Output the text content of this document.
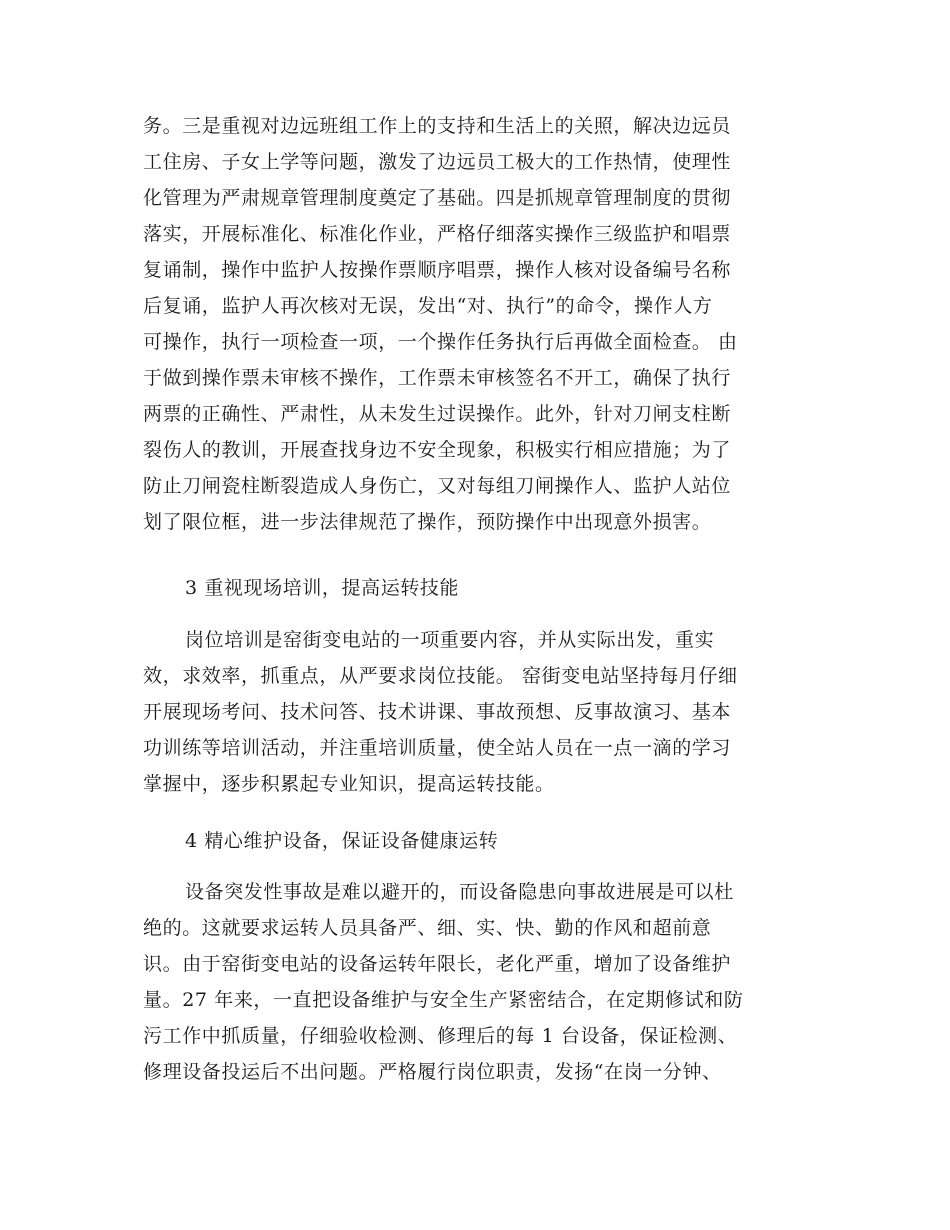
务。三是重视对边远班组工作上的支持和生活上的关照，解决边远员
工住房、子女上学等问题，激发了边远员工极大的工作热情，使理性
化管理为严肃规章管理制度奠定了基础。四是抓规章管理制度的贯彻
落实，开展标准化、标准化作业，严格仔细落实操作三级监护和唱票
复诵制，操作中监护人按操作票顺序唱票，操作人核对设备编号名称
后复诵，监护人再次核对无误，发出“对、执行”的命令，操作人方
可操作，执行一项检查一项，一个操作任务执行后再做全面检查。 由
于做到操作票未审核不操作，工作票未审核签名不开工，确保了执行
两票的正确性、严肃性，从未发生过误操作。此外，针对刀闸支柱断
裂伤人的教训，开展查找身边不安全现象，积极实行相应措施；为了
防止刀闸瓷柱断裂造成人身伤亡，又对每组刀闸操作人、监护人站位
划了限位框，进一步法律规范了操作，预防操作中出现意外损害。
3 重视现场培训，提高运转技能
岗位培训是窑街变电站的一项重要内容，并从实际出发，重实
效，求效率，抓重点，从严要求岗位技能。 窑街变电站坚持每月仔细
开展现场考问、技术问答、技术讲课、事故预想、反事故演习、基本
功训练等培训活动，并注重培训质量，使全站人员在一点一滴的学习
掌握中，逐步积累起专业知识，提高运转技能。
4 精心维护设备，保证设备健康运转
设备突发性事故是难以避开的，而设备隐患向事故进展是可以杜
绝的。这就要求运转人员具备严、细、实、快、勤的作风和超前意
识。由于窑街变电站的设备运转年限长，老化严重，增加了设备维护
量。27 年来，一直把设备维护与安全生产紧密结合，在定期修试和防
污工作中抓质量，仔细验收检测、修理后的每 1 台设备，保证检测、
修理设备投运后不出问题。严格履行岗位职责，发扬“在岗一分钟、
